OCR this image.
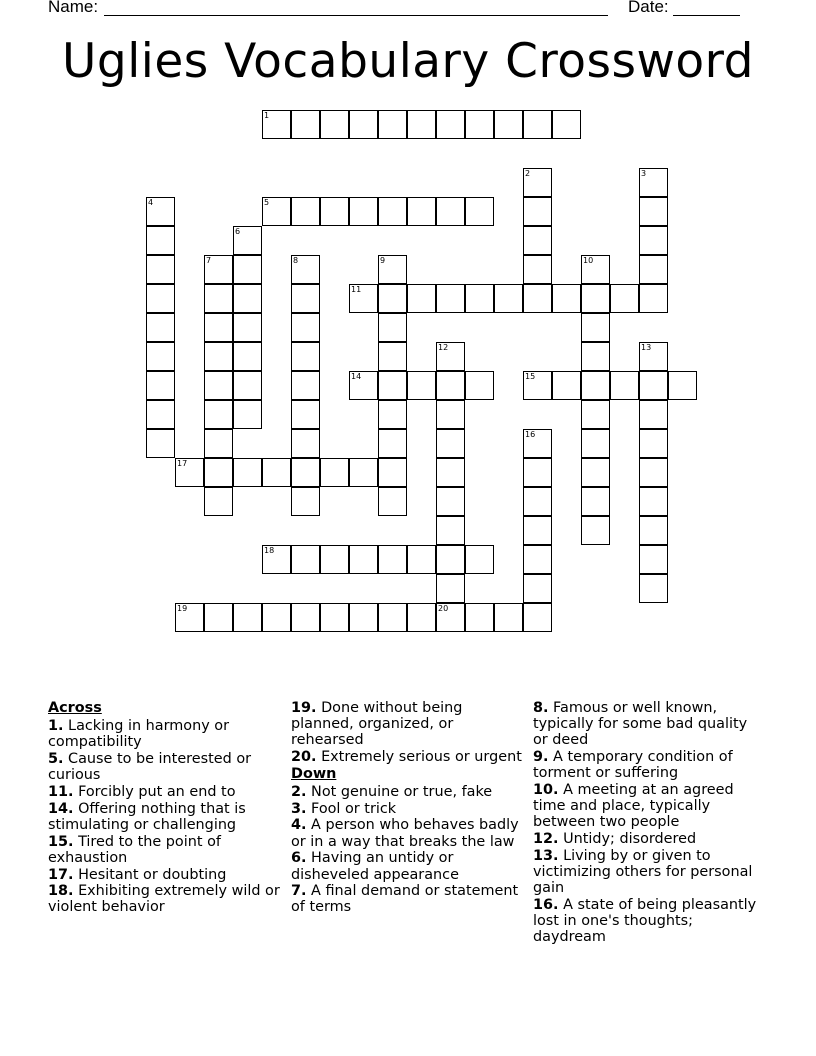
Name:	Date:
Uglies Vocabulary Crossword
1
5
11
14	15
17
18
19	20
2	3
4
6
7	8	9	10
12	13
16
Across
1. Lacking in harmony or compatibility
5. Cause to be interested or curious
11. Forcibly put an end to
14. Offering nothing that is stimulating or challenging
15. Tired to the point of exhaustion
17. Hesitant or doubting
18. Exhibiting extremely wild or violent behavior
19. Done without being planned, organized, or rehearsed
20. Extremely serious or urgent
Down
2. Not genuine or true, fake
3. Fool or trick
4. A person who behaves badly or in a way that breaks the law
6. Having an untidy or disheveled appearance
7. A final demand or statement of terms
8. Famous or well known, typically for some bad quality or deed
9. A temporary condition of torment or suffering
10. A meeting at an agreed time and place, typically between two people
12. Untidy; disordered
13. Living by or given to victimizing others for personal gain
16. A state of being pleasantly lost in one's thoughts; daydream
